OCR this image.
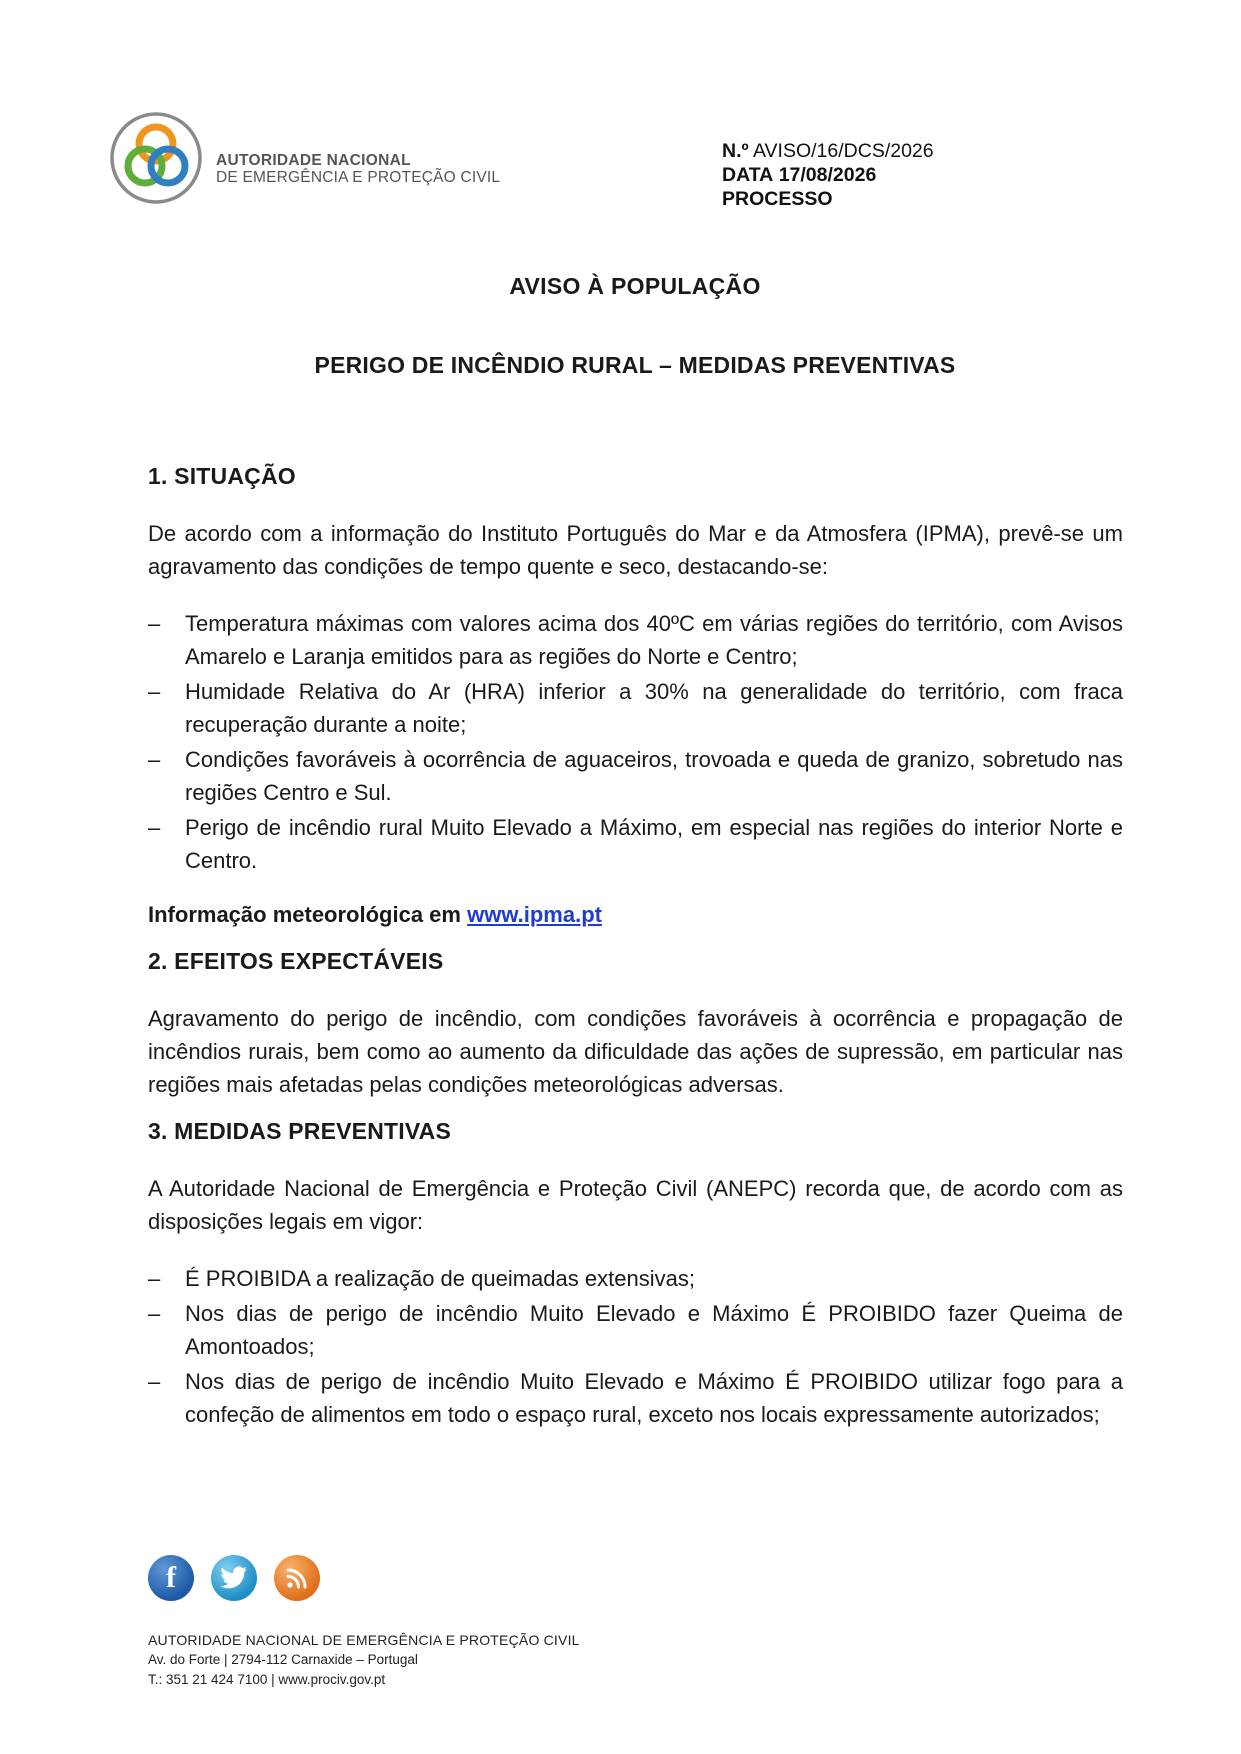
AUTORIDADE NACIONAL
DE EMERGÊNCIA E PROTEÇÃO CIVIL
N.º AVISO/16/DCS/2026
DATA 17/08/2026
PROCESSO
AVISO À POPULAÇÃO
PERIGO DE INCÊNDIO RURAL – MEDIDAS PREVENTIVAS
1. SITUAÇÃO

De acordo com a informação do Instituto Português do Mar e da Atmosfera (IPMA), prevê-se um agravamento das condições de tempo quente e seco, destacando-se:

– Temperatura máximas com valores acima dos 40ºC em várias regiões do território, com Avisos Amarelo e Laranja emitidos para as regiões do Norte e Centro;
– Humidade Relativa do Ar (HRA) inferior a 30% na generalidade do território, com fraca recuperação durante a noite;
– Condições favoráveis à ocorrência de aguaceiros, trovoada e queda de granizo, sobretudo nas regiões Centro e Sul.
– Perigo de incêndio rural Muito Elevado a Máximo, em especial nas regiões do interior Norte e Centro.

Informação meteorológica em www.ipma.pt

2. EFEITOS EXPECTÁVEIS

Agravamento do perigo de incêndio, com condições favoráveis à ocorrência e propagação de incêndios rurais, bem como ao aumento da dificuldade das ações de supressão, em particular nas regiões mais afetadas pelas condições meteorológicas adversas.

3. MEDIDAS PREVENTIVAS

A Autoridade Nacional de Emergência e Proteção Civil (ANEPC) recorda que, de acordo com as disposições legais em vigor:

– É PROIBIDA a realização de queimadas extensivas;
– Nos dias de perigo de incêndio Muito Elevado e Máximo É PROIBIDO fazer Queima de Amontoados;
– Nos dias de perigo de incêndio Muito Elevado e Máximo É PROIBIDO utilizar fogo para a confeção de alimentos em todo o espaço rural, exceto nos locais expressamente autorizados;
f
AUTORIDADE NACIONAL DE EMERGÊNCIA E PROTEÇÃO CIVIL
Av. do Forte | 2794-112 Carnaxide – Portugal
T.: 351 21 424 7100 | www.prociv.gov.pt
